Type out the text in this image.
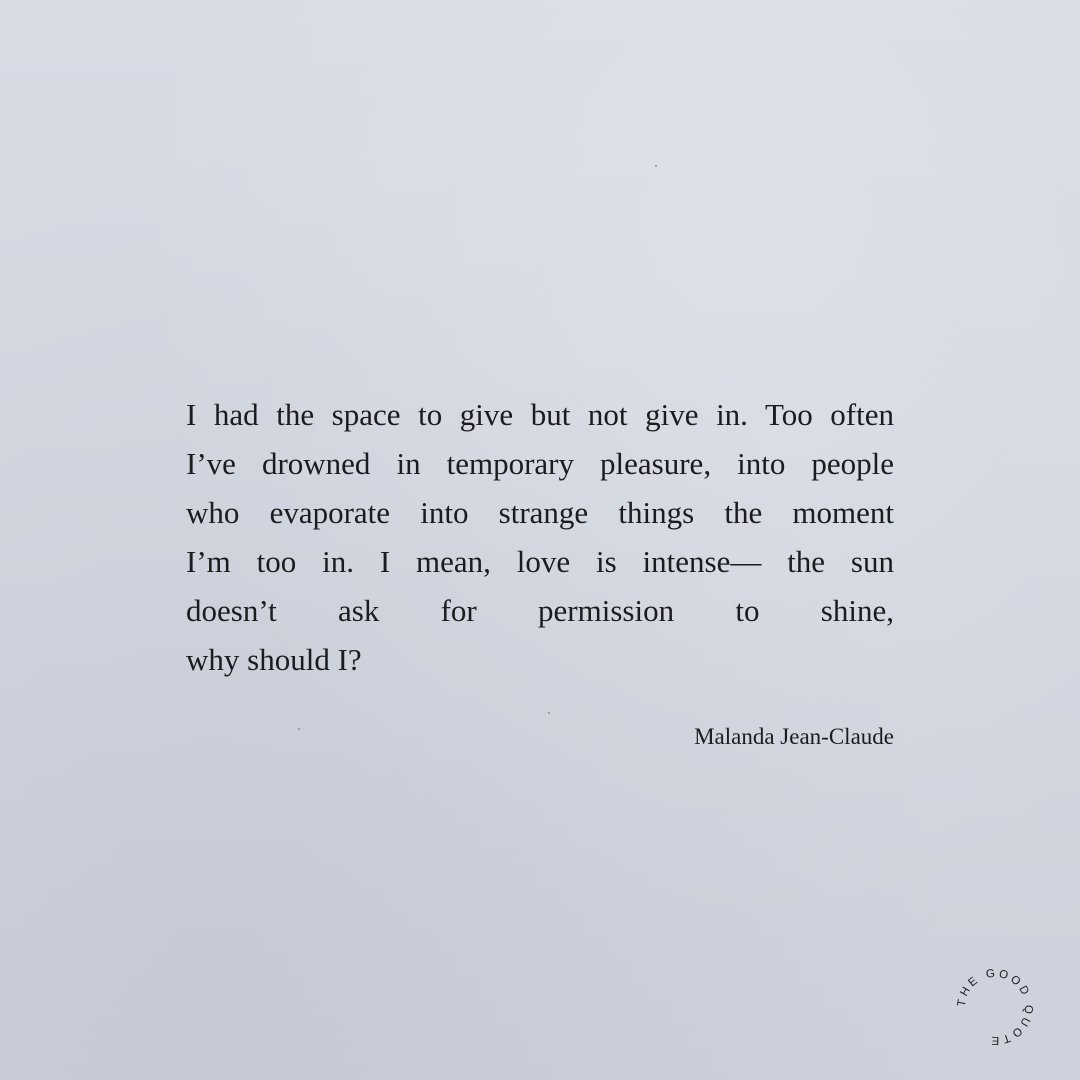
I had the space to give but not give in. Too often
I’ve drowned in temporary pleasure, into people
who evaporate into strange things the moment
I’m too in. I mean, love is intense— the sun
doesn’t ask for permission to shine,
why should I?

Malanda Jean-Claude
THE GOOD QUOTE
